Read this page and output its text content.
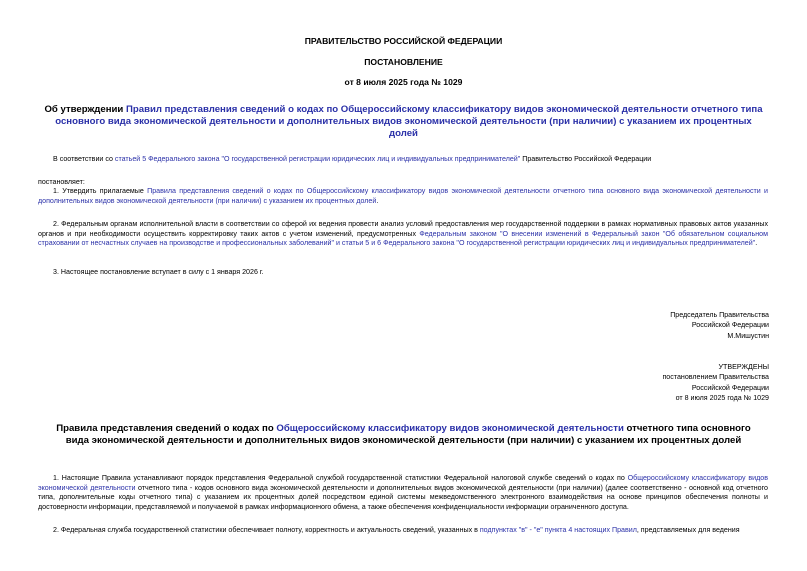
ПРАВИТЕЛЬСТВО РОССИЙСКОЙ ФЕДЕРАЦИИ
ПОСТАНОВЛЕНИЕ
от 8 июля 2025 года № 1029
Об утверждении Правил представления сведений о кодах по Общероссийскому классификатору видов экономической деятельности отчетного типа основного вида экономической деятельности и дополнительных видов экономической деятельности (при наличии) с указанием их процентных долей
В соответствии со статьей 5 Федерального закона "О государственной регистрации юридических лиц и индивидуальных предпринимателей" Правительство Российской Федерации
постановляет:
1. Утвердить прилагаемые Правила представления сведений о кодах по Общероссийскому классификатору видов экономической деятельности отчетного типа основного вида экономической деятельности и дополнительных видов экономической деятельности (при наличии) с указанием их процентных долей.
2. Федеральным органам исполнительной власти в соответствии со сферой их ведения провести анализ условий предоставления мер государственной поддержки в рамках нормативных правовых актов указанных органов и при необходимости осуществить корректировку таких актов с учетом изменений, предусмотренных Федеральным законом "О внесении изменений в Федеральный закон "Об обязательном социальном страховании от несчастных случаев на производстве и профессиональных заболеваний" и статьи 5 и 6 Федерального закона "О государственной регистрации юридических лиц и индивидуальных предпринимателей".
3. Настоящее постановление вступает в силу с 1 января 2026 г.
Председатель Правительства
Российской Федерации
М.Мишустин
УТВЕРЖДЕНЫ
постановлением Правительства
Российской Федерации
от 8 июля 2025 года № 1029
Правила представления сведений о кодах по Общероссийскому классификатору видов экономической деятельности отчетного типа основного вида экономической деятельности и дополнительных видов экономической деятельности (при наличии) с указанием их процентных долей
1. Настоящие Правила устанавливают порядок представления Федеральной службой государственной статистики Федеральной налоговой службе сведений о кодах по Общероссийскому классификатору видов экономической деятельности отчетного типа - кодов основного вида экономической деятельности и дополнительных видов экономической деятельности (при наличии) (далее соответственно - основной код отчетного типа, дополнительные коды отчетного типа) с указанием их процентных долей посредством единой системы межведомственного электронного взаимодействия на основе принципов обеспечения полноты и достоверности информации, представляемой и получаемой в рамках информационного обмена, а также обеспечения конфиденциальности информации ограниченного доступа.
2. Федеральная служба государственной статистики обеспечивает полноту, корректность и актуальность сведений, указанных в подпунктах "в" - "е" пункта 4 настоящих Правил, представляемых для ведения
